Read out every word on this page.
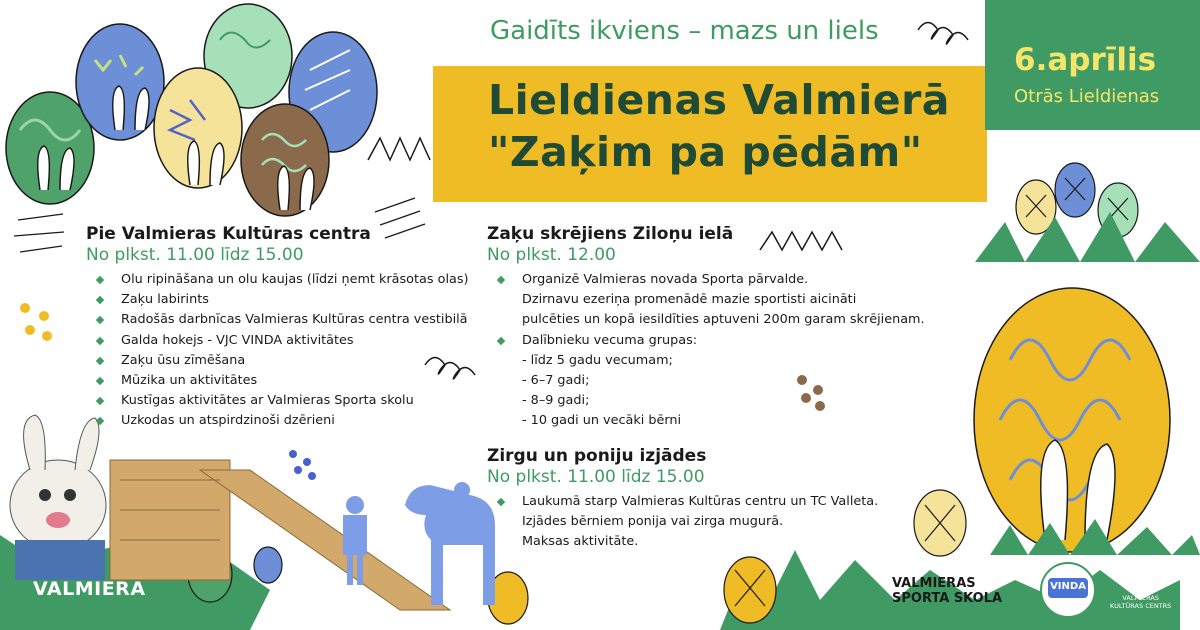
Gaidīts ikviens – mazs un liels
Lieldienas Valmierā
"Zaķim pa pēdām"
6.aprīlis
Otrās Lieldienas
Pie Valmieras Kultūras centra
No plkst. 11.00 līdz 15.00
Olu ripināšana un olu kaujas (līdzi ņemt krāsotas olas)
Zaķu labirints
Radošās darbnīcas Valmieras Kultūras centra vestibilā
Galda hokejs - VJC VINDA aktivitātes
Zaķu ūsu zīmēšana
Mūzika un aktivitātes
Kustīgas aktivitātes ar Valmieras Sporta skolu
Uzkodas un atspirdzinoši dzērieni
Zaķu skrējiens Ziloņu ielā
No plkst. 12.00
Organizē Valmieras novada Sporta pārvalde.
Dzirnavu ezeriņa promenādē mazie sportisti aicināti
pulcēties un kopā iesildīties aptuveni 200m garam skrējienam.
Dalībnieku vecuma grupas:
- līdz 5 gadu vecumam;
- 6–7 gadi;
- 8–9 gadi;
- 10 gadi un vecāki bērni
Zirgu un poniju izjādes
No plkst. 11.00 līdz 15.00
Laukumā starp Valmieras Kultūras centru un TC Valleta.
Izjādes bērniem ponija vai zirga mugurā.
Maksas aktivitāte.
VALMIERA	VALMIERAS
SPORTA SKOLA
VINDA 60
VALMIERAS
KULTŪRAS CENTRS
